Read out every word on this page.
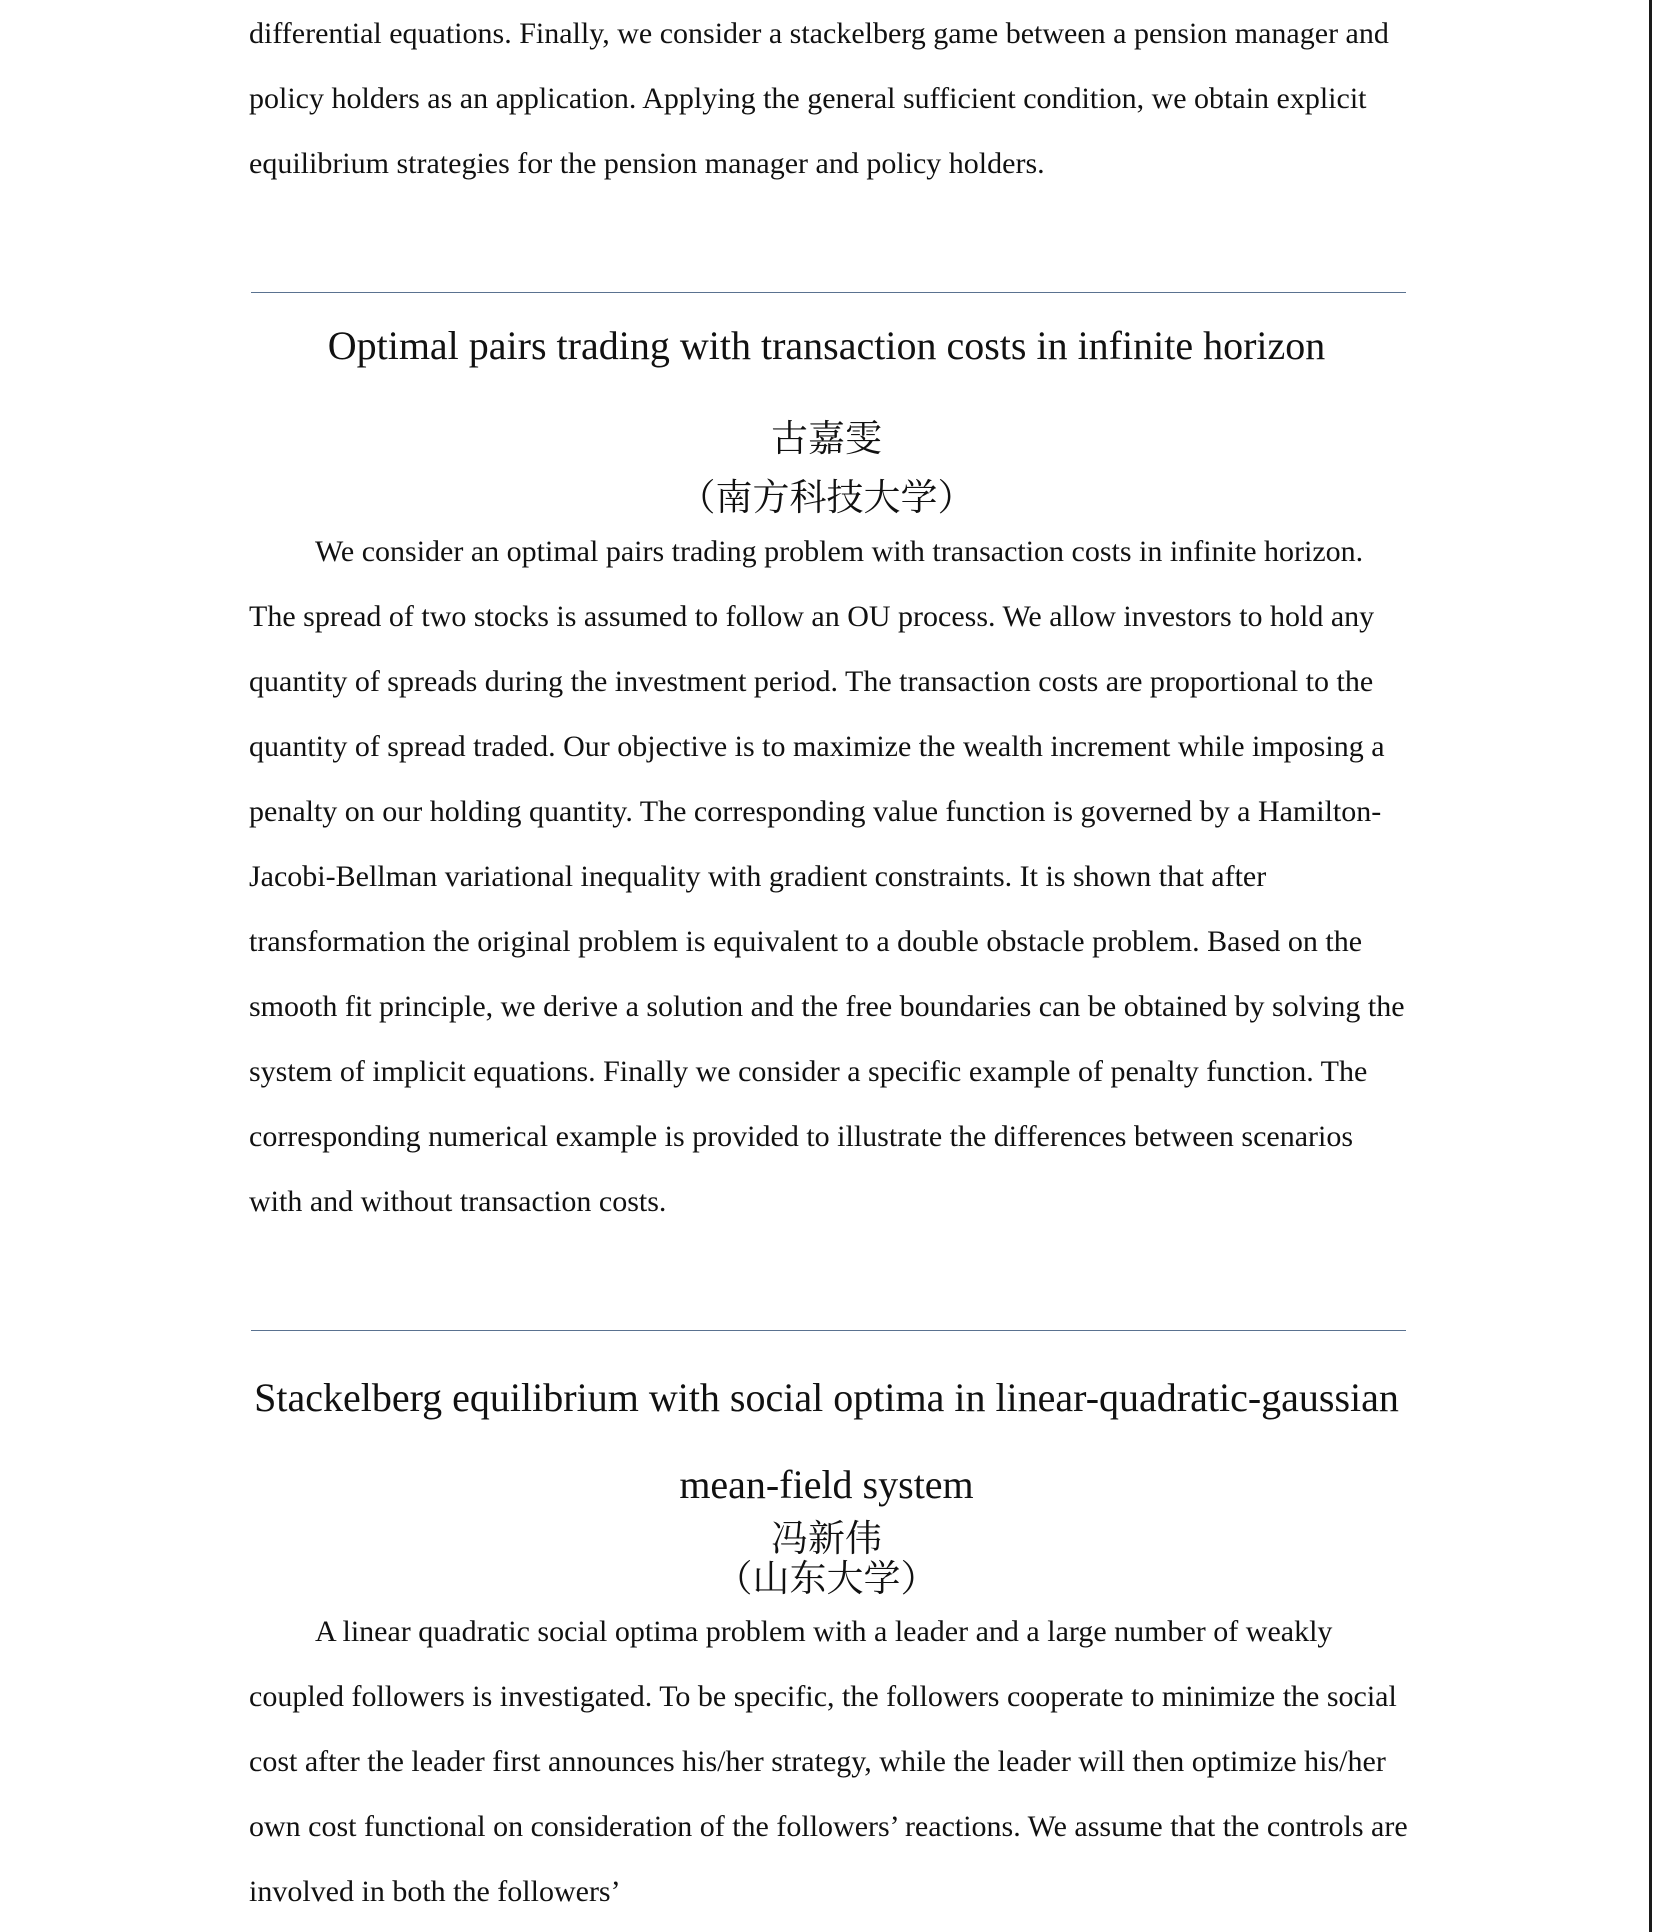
differential equations. Finally, we consider a stackelberg game between a pension manager and policy holders as an application. Applying the general sufficient condition, we obtain explicit equilibrium strategies for the pension manager and policy holders.

Optimal pairs trading with transaction costs in infinite horizon

古嘉雯

（南方科技大学）

We consider an optimal pairs trading problem with transaction costs in infinite horizon. The spread of two stocks is assumed to follow an OU process. We allow investors to hold any quantity of spreads during the investment period. The transaction costs are proportional to the quantity of spread traded. Our objective is to maximize the wealth increment while imposing a penalty on our holding quantity. The corresponding value function is governed by a Hamilton-Jacobi-Bellman variational inequality with gradient constraints. It is shown that after transformation the original problem is equivalent to a double obstacle problem. Based on the smooth fit principle, we derive a solution and the free boundaries can be obtained by solving the system of implicit equations. Finally we consider a specific example of penalty function. The corresponding numerical example is provided to illustrate the differences between scenarios with and without transaction costs.

Stackelberg equilibrium with social optima in linear-quadratic-gaussian mean-field system

冯新伟

（山东大学）

A linear quadratic social optima problem with a leader and a large number of weakly coupled followers is investigated. To be specific, the followers cooperate to minimize the social cost after the leader first announces his/her strategy, while the leader will then optimize his/her own cost functional on consideration of the followers’ reactions. We assume that the controls are involved in both the followers’
